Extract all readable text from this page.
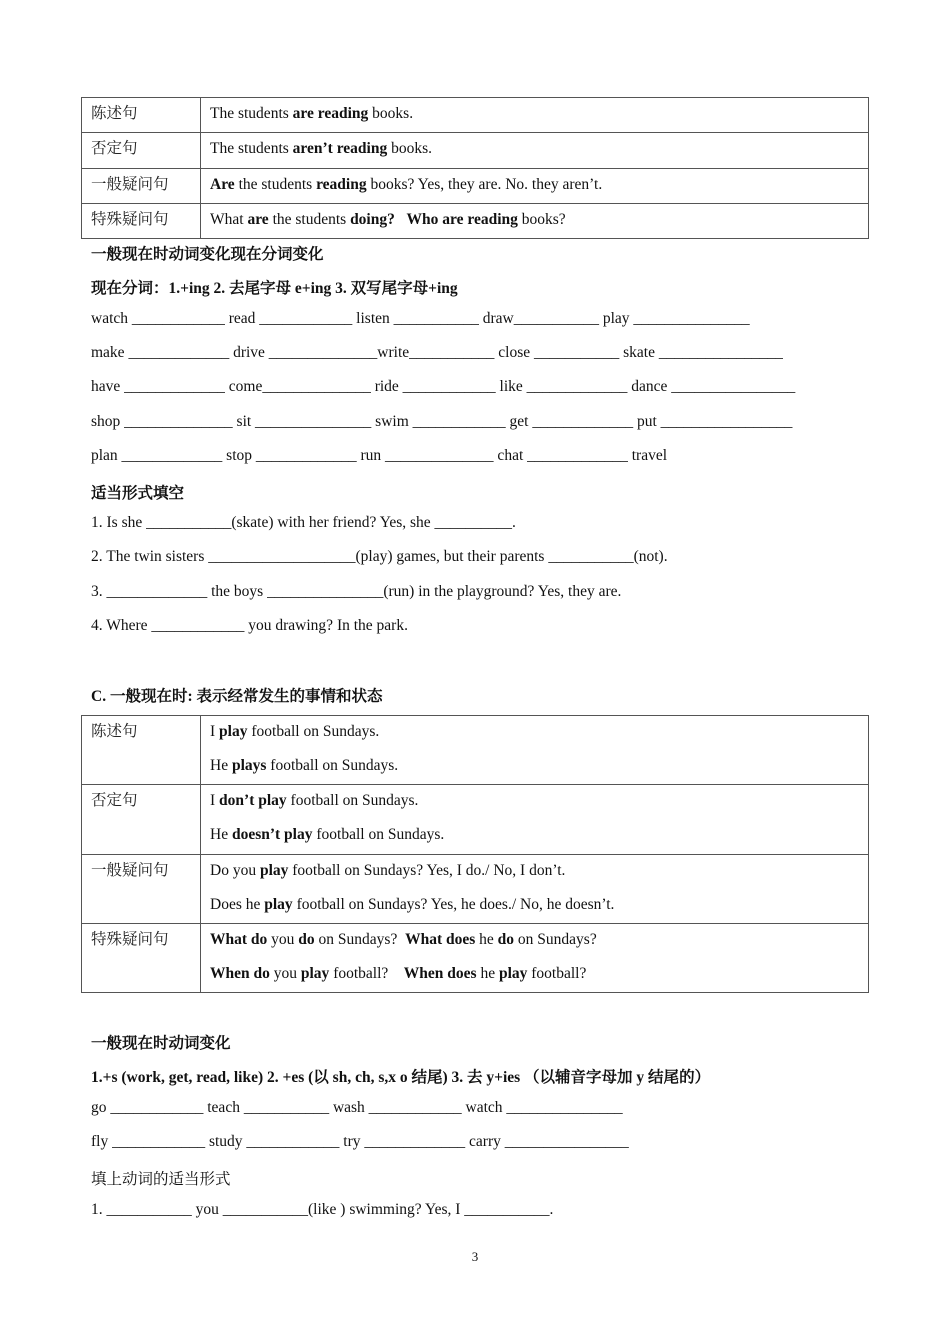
陈述句	The students are reading books.

否定句	The students aren’t reading books.

一般疑问句	Are the students reading books? Yes, they are. No. they aren’t.

特殊疑问句	What are the students doing? Who are reading books?
一般现在时动词变化现在分词变化
现在分词：1.+ing 2. 去尾字母 e+ing 3. 双写尾字母+ing
watch ____________ read ____________ listen ___________ draw___________ play _______________
make _____________ drive ______________write___________ close ___________ skate ________________
have _____________ come______________ ride ____________ like _____________ dance ________________
shop ______________ sit _______________ swim ____________ get _____________ put _________________
plan _____________ stop _____________ run ______________ chat _____________ travel
适当形式填空
1. Is she ___________(skate) with her friend? Yes, she __________.
2. The twin sisters ___________________(play) games, but their parents ___________(not).
3. _____________ the boys _______________(run) in the playground? Yes, they are.
4. Where ____________ you drawing? In the park.
C. 一般现在时: 表示经常发生的事情和状态
陈述句	I play football on Sundays.
He plays football on Sundays.

否定句	I don’t play football on Sundays.
He doesn’t play football on Sundays.

一般疑问句	Do you play football on Sundays? Yes, I do./ No, I don’t.
Does he play football on Sundays? Yes, he does./ No, he doesn’t.

特殊疑问句	What do you do on Sundays?  What does he do on Sundays?
When do you play football?    When does he play football?
一般现在时动词变化
1.+s (work, get, read, like) 2. +es (以 sh, ch, s,x o 结尾) 3. 去 y+ies （以辅音字母加 y 结尾的）
go ____________ teach ___________ wash ____________ watch _______________
fly ____________ study ____________ try _____________ carry ________________
填上动词的适当形式
1. ___________ you ___________(like ) swimming? Yes, I ___________.
3
